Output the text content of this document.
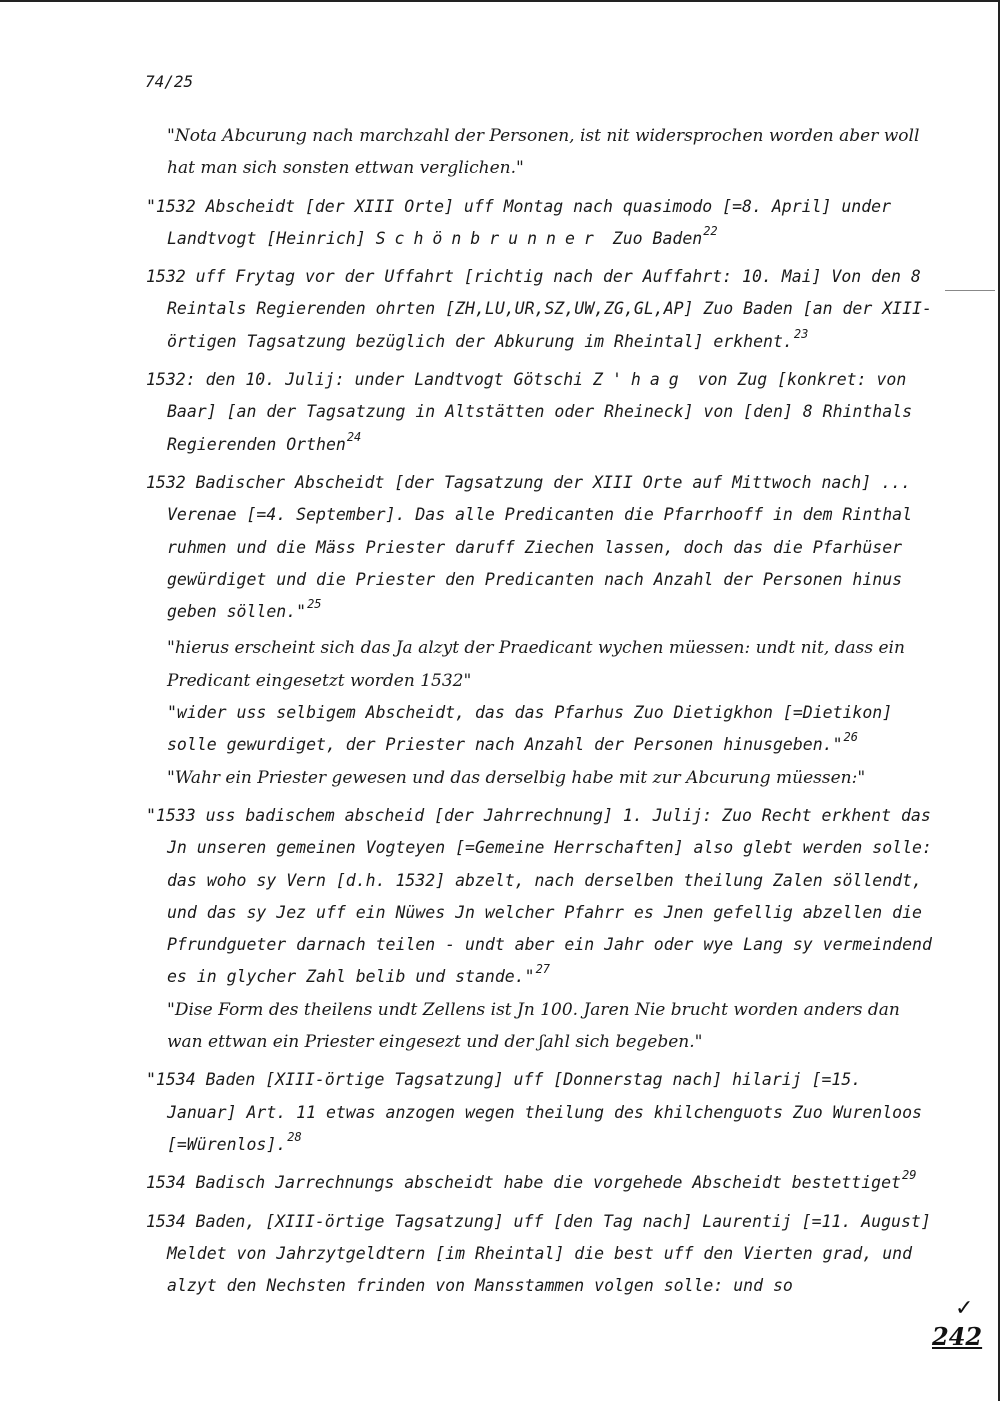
74/25

"Nota Abcurung nach marchzahl der Personen, ist nit widersprochen worden aber woll hat man sich sonsten ettwan verglichen."

"1532 Abscheidt [der XIII Orte] uff Montag nach quasimodo [=8. April] under Landtvogt [Heinrich] Schönbrunner Zuo Baden$^{22}$

1532 uff Frytag vor der Uffahrt [richtig nach der Auffahrt: 10. Mai] Von den 8 Reintals Regierenden ohrten [ZH,LU,UR,SZ,UW,ZG,GL,AP] Zuo Baden [an der XIII-örtigen Tagsatzung bezüglich der Abkurung im Rheintal] erkhent.$^{23}$

1532: den 10. Julij: under Landtvogt Götschi Z'hag von Zug [konkret: von Baar] [an der Tagsatzung in Altstätten oder Rheineck] von [den] 8 Rhinthals Regierenden Orthen$^{24}$

1532 Badischer Abscheidt [der Tagsatzung der XIII Orte auf Mittwoch nach] ... Verenae [=4. September]. Das alle Predicanten die Pfarrhooff in dem Rinthal ruhmen und die Mäss Priester daruff Ziechen lassen, doch das die Pfarhüser gewürdiget und die Priester den Predicanten nach Anzahl der Personen hinus geben söllen."$^{25}$

"hierus erscheint sich das Ja alzyt der Praedicant wychen müessen: undt nit, dass ein Predicant eingesetzt worden 1532"

"wider uss selbigem Abscheidt, das das Pfarhus Zuo Dietigkhon [=Dietikon] solle gewurdiget, der Priester nach Anzahl der Personen hinusgeben."$^{26}$

"Wahr ein Priester gewesen und das derselbig habe mit zur Abcurung müessen:"

"1533 uss badischem abscheid [der Jahrrechnung] 1. Julij: Zuo Recht erkhent das Jn unseren gemeinen Vogteyen [=Gemeine Herrschaften] also glebt werden solle: das woho sy Vern [d.h. 1532] abzelt, nach derselben theilung Zalen söllendt, und das sy Jez uff ein Nüwes Jn welcher Pfahrr es Jnen gefellig abzellen die Pfrundgueter darnach teilen - undt aber ein Jahr oder wye Lang sy vermeindend es in glycher Zahl belib und stande."$^{27}$

"Dise Form des theilens undt Zellens ist Jn 100. Jaren Nie brucht worden anders dan wan ettwan ein Priester eingesezt und der ʃahl sich begeben."

"1534 Baden [XIII-örtige Tagsatzung] uff [Donnerstag nach] hilarij [=15. Januar] Art. 11 etwas anzogen wegen theilung des khilchenguots Zuo Wurenloos [=Würenlos].$^{28}$

1534 Badisch Jarrechnungs abscheidt habe die vorgehede Abscheidt bestettiget$^{29}$

1534 Baden, [XIII-örtige Tagsatzung] uff [den Tag nach] Laurentij [=11. August] Meldet von Jahrzytgeldtern [im Rheintal] die best uff den Vierten grad, und alzyt den Nechsten frinden von Mansstammen volgen solle: und so

✓
242
